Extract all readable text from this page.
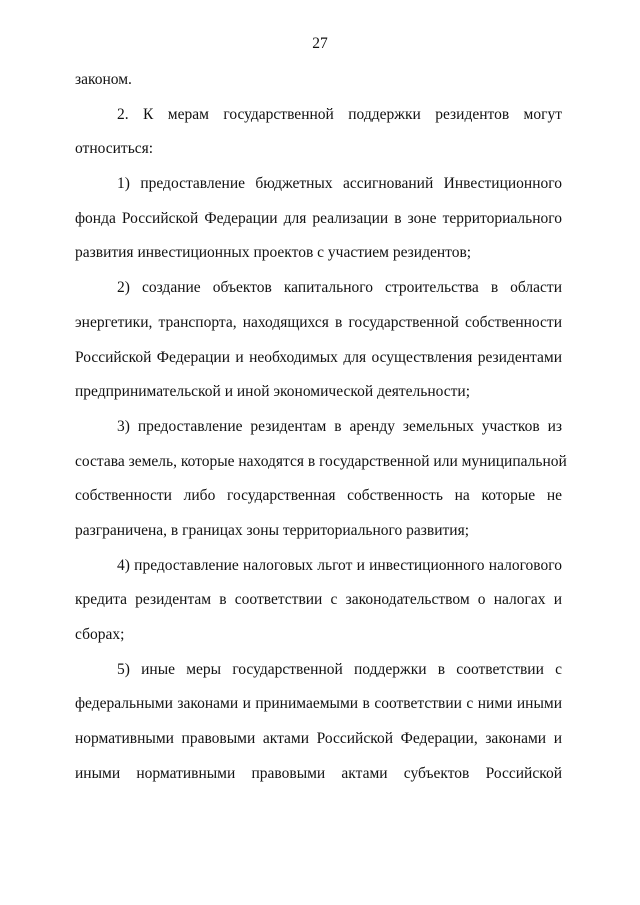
27
законом.
2. К мерам государственной поддержки резидентов могут
относиться:
1) предоставление бюджетных ассигнований Инвестиционного
фонда Российской Федерации для реализации в зоне территориального
развития инвестиционных проектов с участием резидентов;
2) создание объектов капитального строительства в области
энергетики, транспорта, находящихся в государственной собственности
Российской Федерации и необходимых для осуществления резидентами
предпринимательской и иной экономической деятельности;
3) предоставление резидентам в аренду земельных участков из
состава земель, которые находятся в государственной или муниципальной
собственности либо государственная собственность на которые не
разграничена, в границах зоны территориального развития;
4) предоставление налоговых льгот и инвестиционного налогового
кредита резидентам в соответствии с законодательством о налогах и
сборах;
5) иные меры государственной поддержки в соответствии с
федеральными законами и принимаемыми в соответствии с ними иными
нормативными правовыми актами Российской Федерации, законами и
иными нормативными правовыми актами субъектов Российской
